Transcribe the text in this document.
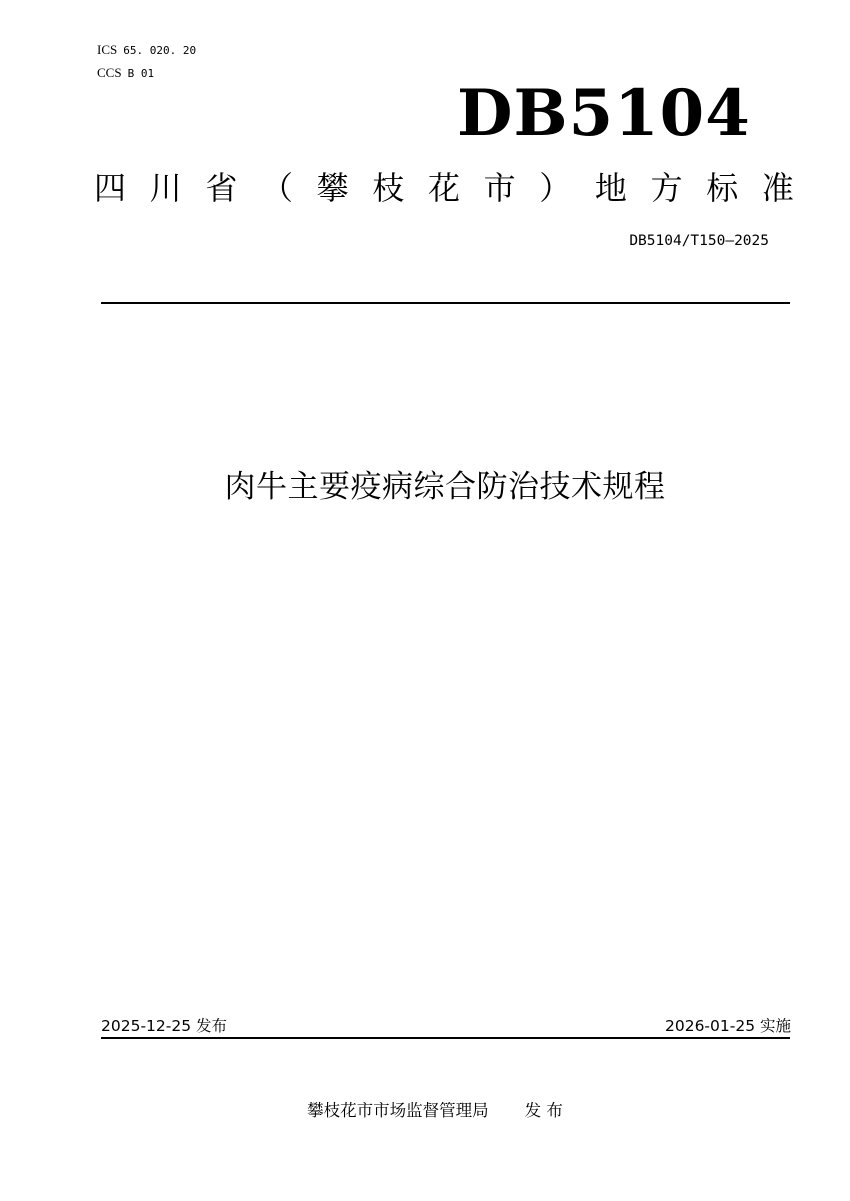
ICS 65. 020. 20
CCS B 01
DB5104
四 川 省 （ 攀 枝 花 市 ） 地 方 标 准
DB5104/T150—2025
肉牛主要疫病综合防治技术规程
2025-12-25 发布	2026-01-25 实施
攀枝花市市场监督管理局 发 布
